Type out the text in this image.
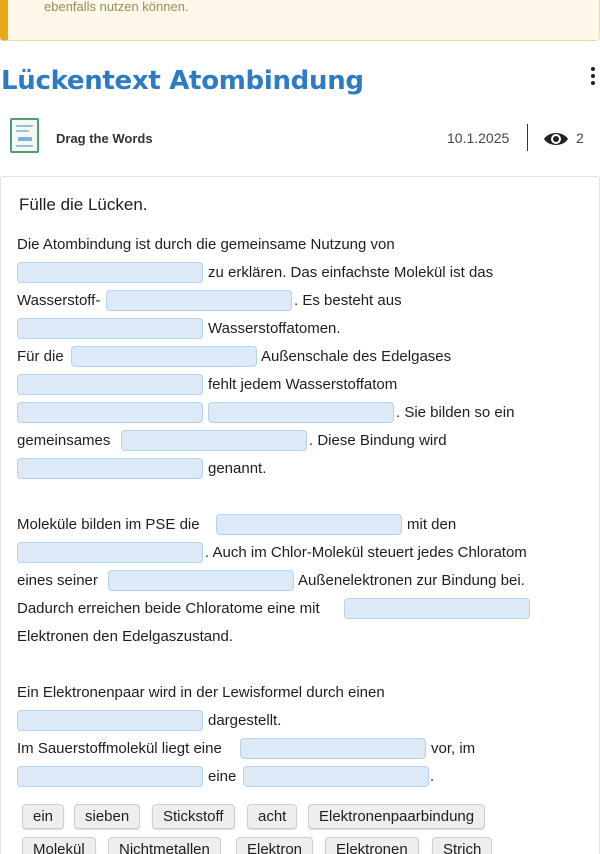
ebenfalls nutzen können.
Lückentext Atombindung
Drag the Words	10.1.2025	2

Fülle die Lücken.

Die Atombindung ist durch die gemeinsame Nutzung von
zu erklären. Das einfachste Molekül ist das
Wasserstoff-	. Es besteht aus
Wasserstoffatomen.
Für die	Außenschale des Edelgases
fehlt jedem Wasserstoffatom
. Sie bilden so ein
gemeinsames	. Diese Bindung wird
genannt.
Moleküle bilden im PSE die	mit den
. Auch im Chlor-Molekül steuert jedes Chloratom
eines seiner	Außenelektronen zur Bindung bei.
Dadurch erreichen beide Chloratome eine mit
Elektronen den Edelgaszustand.
Ein Elektronenpaar wird in der Lewisformel durch einen
dargestellt.
Im Sauerstoffmolekül liegt eine	vor, im
eine	.
ein	sieben	Stickstoff	acht	Elektronenpaarbindung
Molekül	Nichtmetallen	Elektron	Elektronen	Strich
